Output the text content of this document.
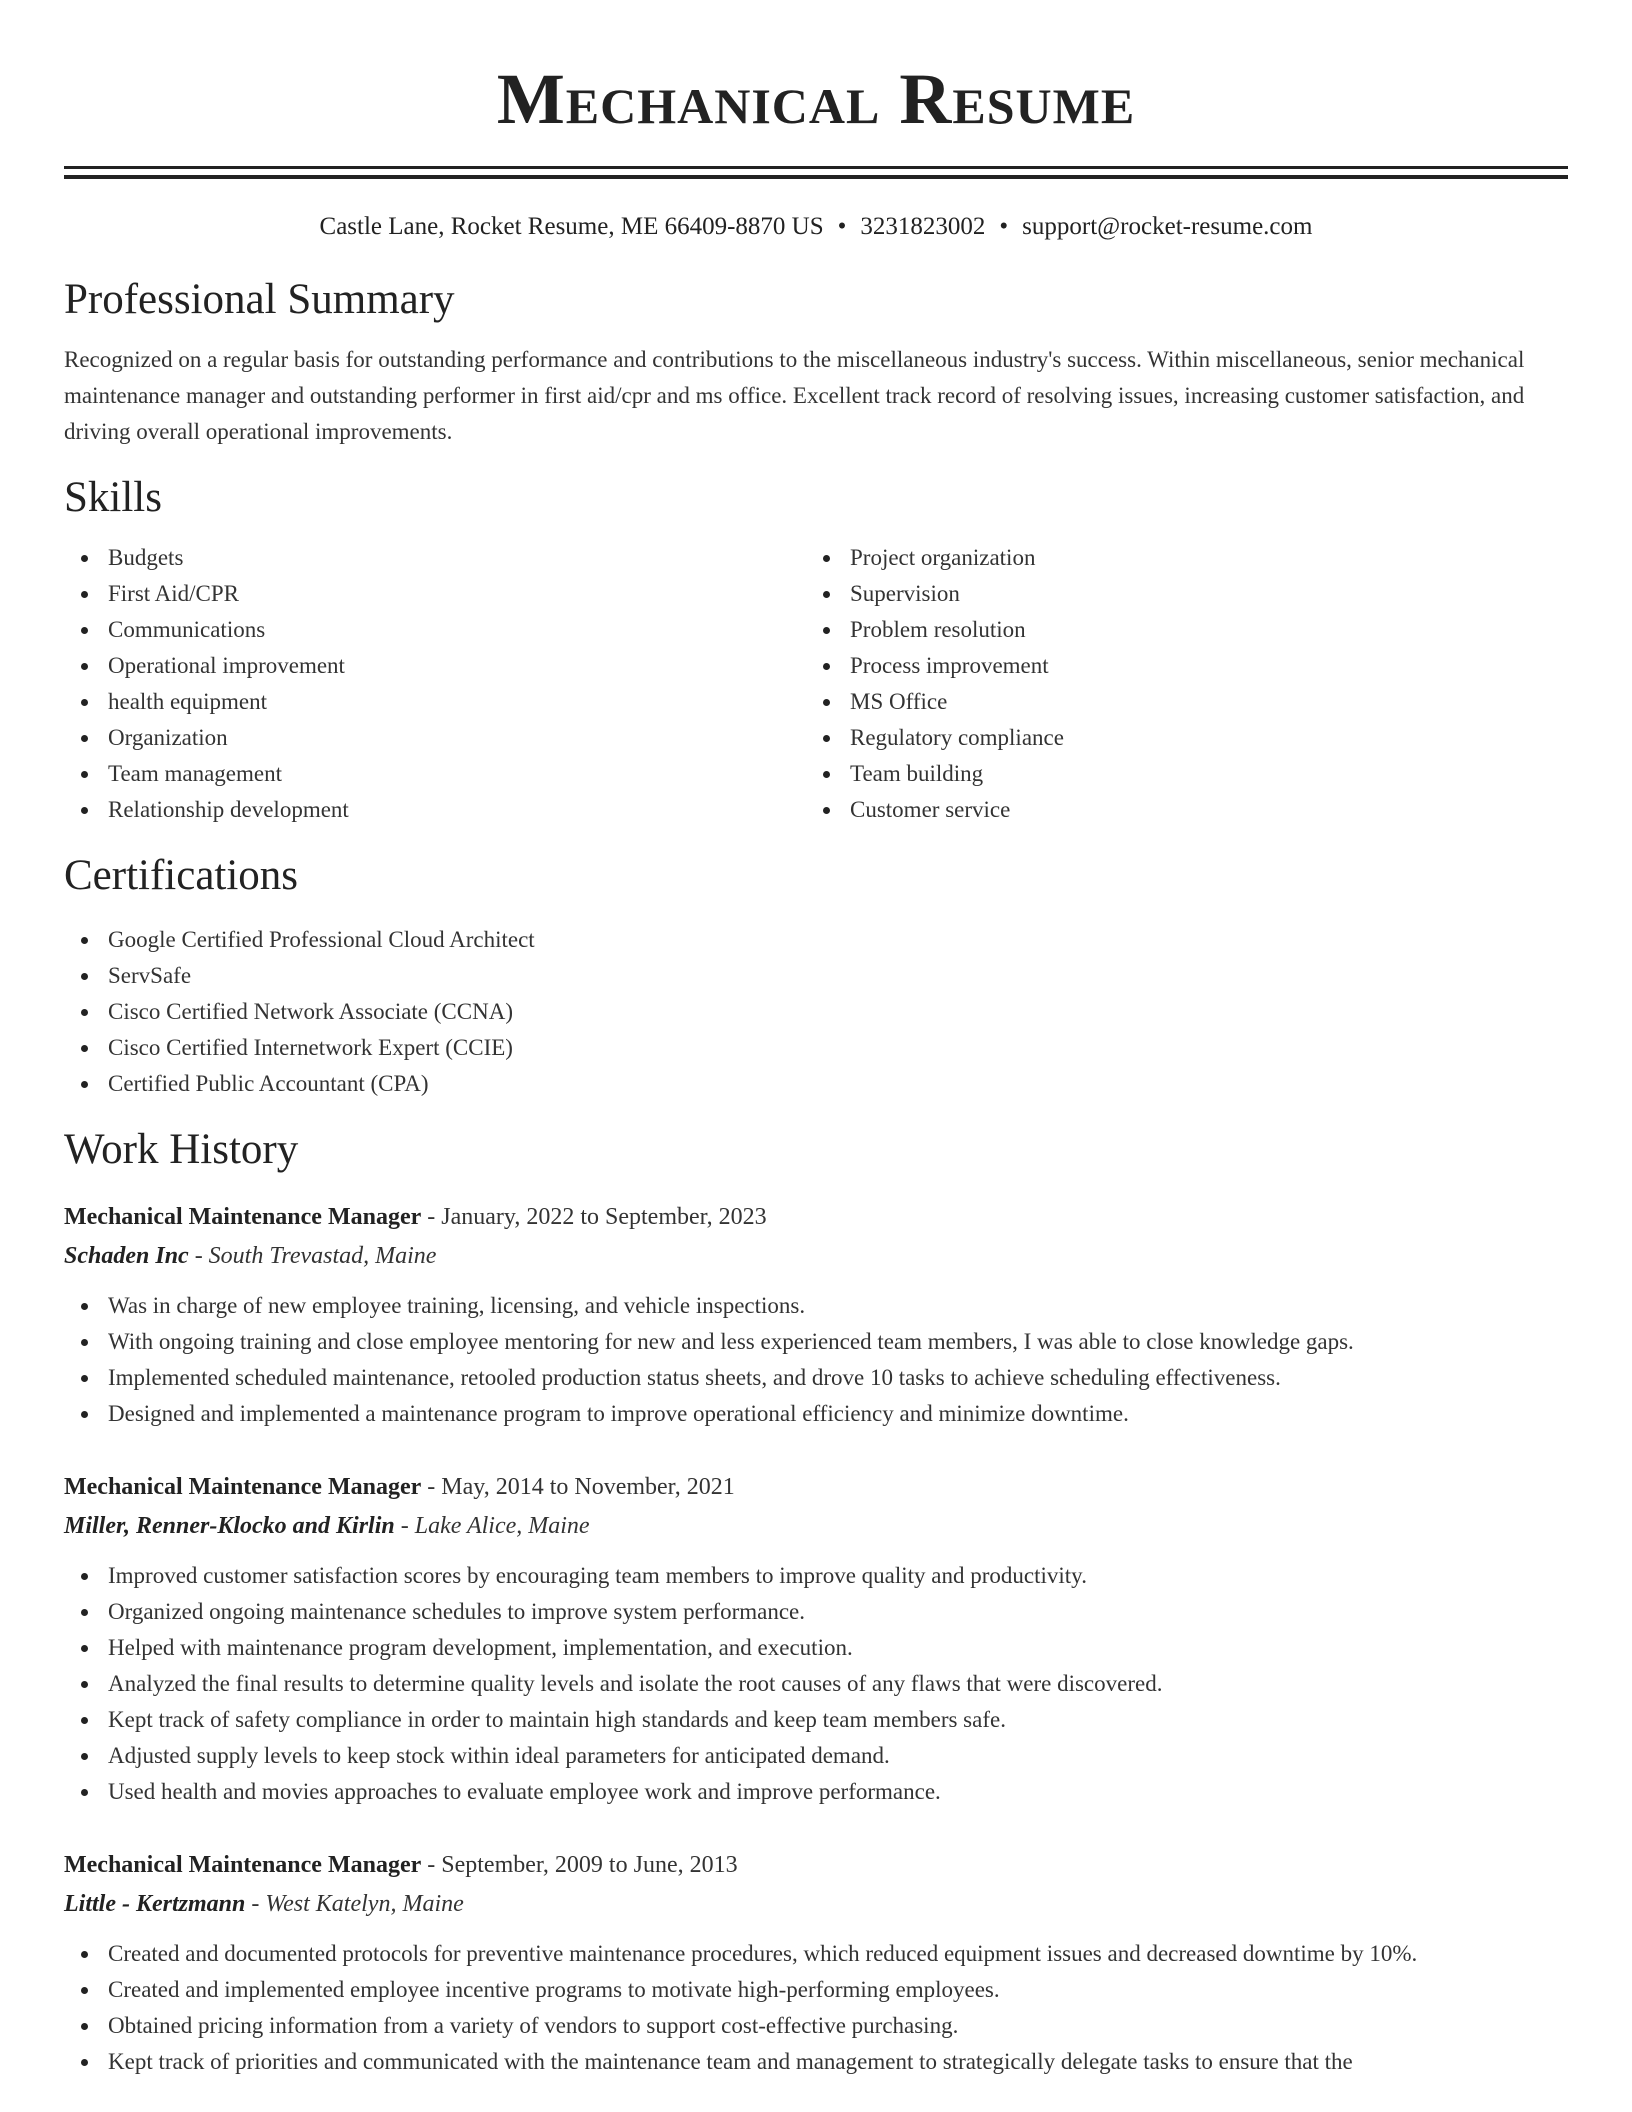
Mechanical Resume
Castle Lane, Rocket Resume, ME 66409-8870 US • 3231823002 • support@rocket-resume.com
Professional Summary

Recognized on a regular basis for outstanding performance and contributions to the miscellaneous industry's success. Within miscellaneous, senior mechanical maintenance manager and outstanding performer in first aid/cpr and ms office. Excellent track record of resolving issues, increasing customer satisfaction, and driving overall operational improvements.

Skills
Budgets
First Aid/CPR
Communications
Operational improvement
health equipment
Organization
Team management
Relationship development
Project organization
Supervision
Problem resolution
Process improvement
MS Office
Regulatory compliance
Team building
Customer service
Certifications
Google Certified Professional Cloud Architect
ServSafe
Cisco Certified Network Associate (CCNA)
Cisco Certified Internetwork Expert (CCIE)
Certified Public Accountant (CPA)
Work History
Mechanical Maintenance Manager - January, 2022 to September, 2023
Schaden Inc - South Trevastad, Maine
Was in charge of new employee training, licensing, and vehicle inspections.
With ongoing training and close employee mentoring for new and less experienced team members, I was able to close knowledge gaps.
Implemented scheduled maintenance, retooled production status sheets, and drove 10 tasks to achieve scheduling effectiveness.
Designed and implemented a maintenance program to improve operational efficiency and minimize downtime.
Mechanical Maintenance Manager - May, 2014 to November, 2021
Miller, Renner-Klocko and Kirlin - Lake Alice, Maine
Improved customer satisfaction scores by encouraging team members to improve quality and productivity.
Organized ongoing maintenance schedules to improve system performance.
Helped with maintenance program development, implementation, and execution.
Analyzed the final results to determine quality levels and isolate the root causes of any flaws that were discovered.
Kept track of safety compliance in order to maintain high standards and keep team members safe.
Adjusted supply levels to keep stock within ideal parameters for anticipated demand.
Used health and movies approaches to evaluate employee work and improve performance.
Mechanical Maintenance Manager - September, 2009 to June, 2013
Little - Kertzmann - West Katelyn, Maine
Created and documented protocols for preventive maintenance procedures, which reduced equipment issues and decreased downtime by 10%.
Created and implemented employee incentive programs to motivate high-performing employees.
Obtained pricing information from a variety of vendors to support cost-effective purchasing.
Kept track of priorities and communicated with the maintenance team and management to strategically delegate tasks to ensure that the
